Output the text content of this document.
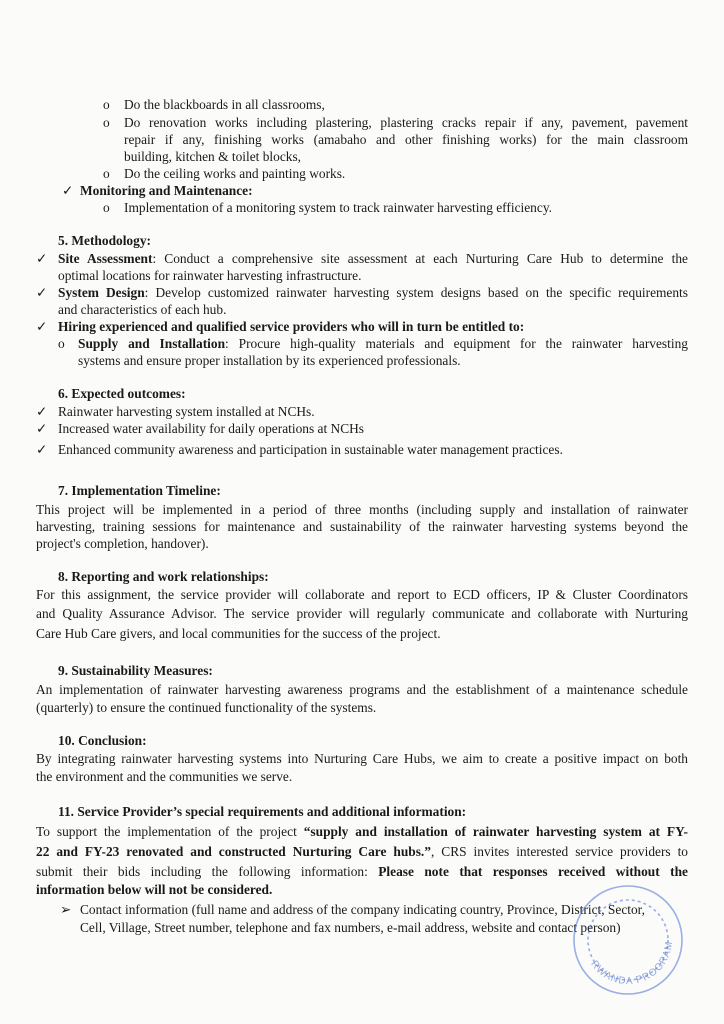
o Do the blackboards in all classrooms,
o Do renovation works including plastering, plastering cracks repair if any, pavement, pavement
repair if any, finishing works (amabaho and other finishing works) for the main classroom
building, kitchen & toilet blocks,
o Do the ceiling works and painting works.
✓ Monitoring and Maintenance:
o Implementation of a monitoring system to track rainwater harvesting efficiency.
5. Methodology:
✓ Site Assessment: Conduct a comprehensive site assessment at each Nurturing Care Hub to determine the
optimal locations for rainwater harvesting infrastructure.
✓ System Design: Develop customized rainwater harvesting system designs based on the specific requirements
and characteristics of each hub.
✓ Hiring experienced and qualified service providers who will in turn be entitled to:
o Supply and Installation: Procure high-quality materials and equipment for the rainwater harvesting
systems and ensure proper installation by its experienced professionals.
6. Expected outcomes:
✓ Rainwater harvesting system installed at NCHs.
✓ Increased water availability for daily operations at NCHs
✓ Enhanced community awareness and participation in sustainable water management practices.
7. Implementation Timeline:
This project will be implemented in a period of three months (including supply and installation of rainwater
harvesting, training sessions for maintenance and sustainability of the rainwater harvesting systems beyond the
project's completion, handover).
8. Reporting and work relationships:
For this assignment, the service provider will collaborate and report to ECD officers, IP & Cluster Coordinators
and Quality Assurance Advisor. The service provider will regularly communicate and collaborate with Nurturing
Care Hub Care givers, and local communities for the success of the project.
9. Sustainability Measures:
An implementation of rainwater harvesting awareness programs and the establishment of a maintenance schedule
(quarterly) to ensure the continued functionality of the systems.
10. Conclusion:
By integrating rainwater harvesting systems into Nurturing Care Hubs, we aim to create a positive impact on both
the environment and the communities we serve.
11. Service Provider’s special requirements and additional information:
To support the implementation of the project “supply and installation of rainwater harvesting system at FY-
22 and FY-23 renovated and constructed Nurturing Care hubs.”, CRS invites interested service providers to
submit their bids including the following information: Please note that responses received without the
information below will not be considered.
➢ Contact information (full name and address of the company indicating country, Province, District, Sector,
Cell, Village, Street number, telephone and fax numbers, e-mail address, website and contact person)
RWANDA PROGRAM
